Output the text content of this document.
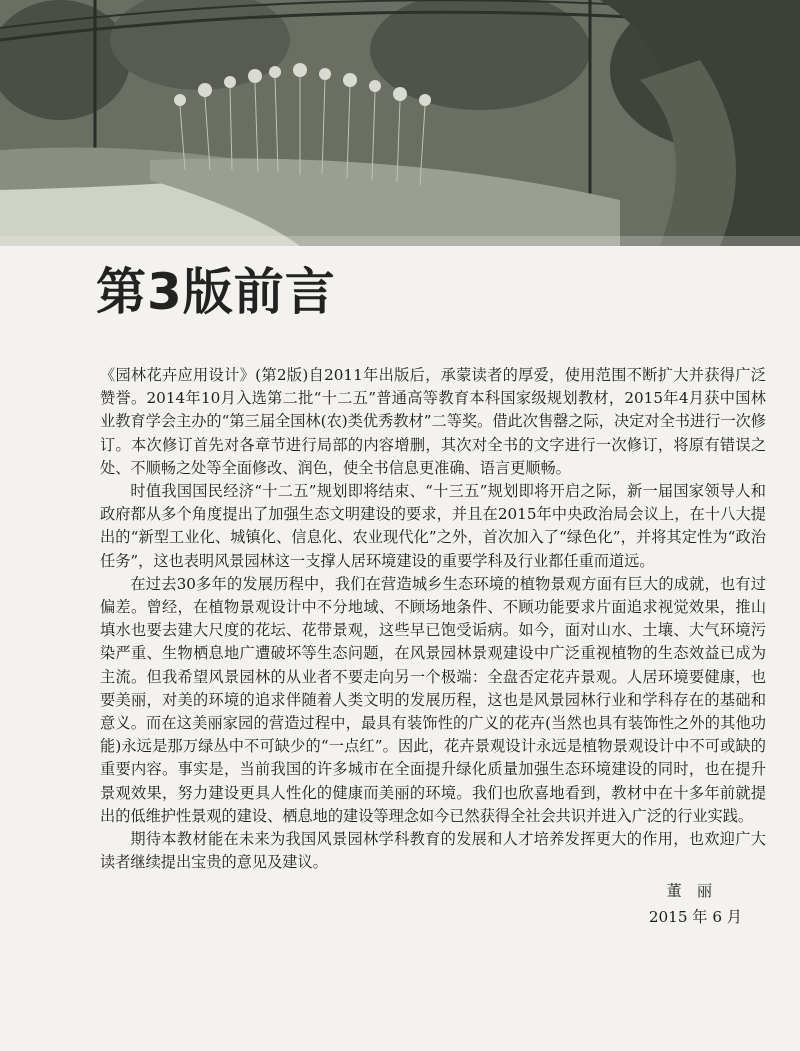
第3版前言

《园林花卉应用设计》(第2版)自2011年出版后，承蒙读者的厚爱，使用范围不断扩大并获得广泛赞誉。2014年10月入选第二批“十二五”普通高等教育本科国家级规划教材，2015年4月获中国林业教育学会主办的“第三届全国林(农)类优秀教材”二等奖。借此次售罄之际，决定对全书进行一次修订。本次修订首先对各章节进行局部的内容增删，其次对全书的文字进行一次修订，将原有错误之处、不顺畅之处等全面修改、润色，使全书信息更准确、语言更顺畅。

时值我国国民经济“十二五”规划即将结束、“十三五”规划即将开启之际，新一届国家领导人和政府都从多个角度提出了加强生态文明建设的要求，并且在2015年中央政治局会议上，在十八大提出的“新型工业化、城镇化、信息化、农业现代化”之外，首次加入了“绿色化”，并将其定性为“政治任务”，这也表明风景园林这一支撑人居环境建设的重要学科及行业都任重而道远。

在过去30多年的发展历程中，我们在营造城乡生态环境的植物景观方面有巨大的成就，也有过偏差。曾经，在植物景观设计中不分地域、不顾场地条件、不顾功能要求片面追求视觉效果，推山填水也要去建大尺度的花坛、花带景观，这些早已饱受诟病。如今，面对山水、土壤、大气环境污染严重、生物栖息地广遭破坏等生态问题，在风景园林景观建设中广泛重视植物的生态效益已成为主流。但我希望风景园林的从业者不要走向另一个极端：全盘否定花卉景观。人居环境要健康，也要美丽，对美的环境的追求伴随着人类文明的发展历程，这也是风景园林行业和学科存在的基础和意义。而在这美丽家园的营造过程中，最具有装饰性的广义的花卉(当然也具有装饰性之外的其他功能)永远是那万绿丛中不可缺少的“一点红”。因此，花卉景观设计永远是植物景观设计中不可或缺的重要内容。事实是，当前我国的许多城市在全面提升绿化质量加强生态环境建设的同时，也在提升景观效果，努力建设更具人性化的健康而美丽的环境。我们也欣喜地看到，教材中在十多年前就提出的低维护性景观的建设、栖息地的建设等理念如今已然获得全社会共识并进入广泛的行业实践。

期待本教材能在未来为我国风景园林学科教育的发展和人才培养发挥更大的作用，也欢迎广大读者继续提出宝贵的意见及建议。

董　丽
2015 年 6 月
